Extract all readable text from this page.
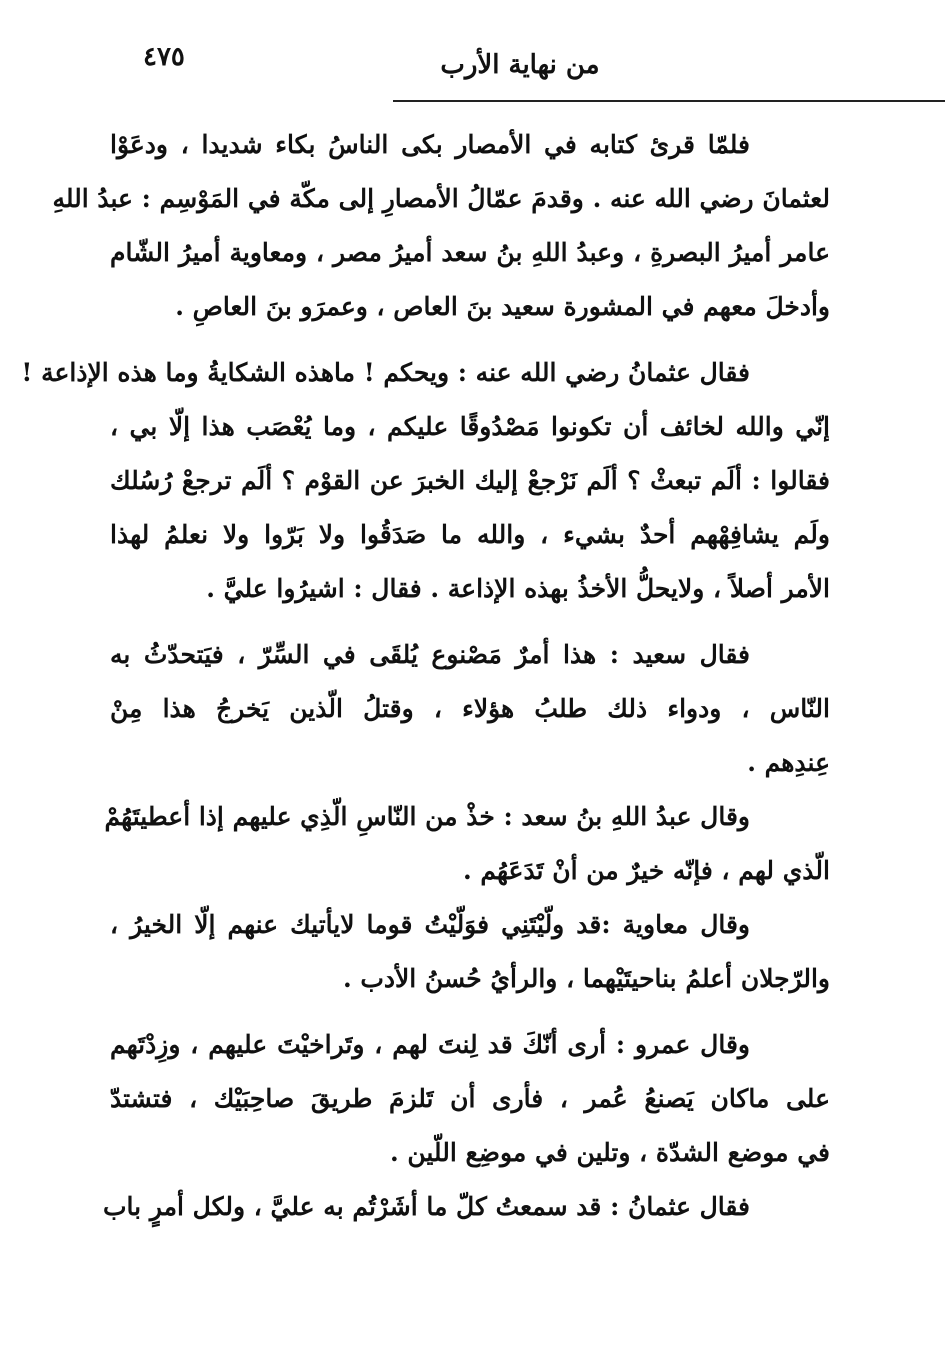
٤٧٥	من نهاية الأرب
فلمّا قرئ كتابه في الأمصار بكى الناسُ بكاء شديدا ، ودعَوْا
لعثمانَ رضي الله عنه . وقدمَ عمّالُ الأمصارِ إلى مكّة في المَوْسِم : عبدُ اللهِ
عامر أميرُ البصرةِ ، وعبدُ اللهِ بنُ سعد أميرُ مصر ، ومعاوية أميرُ الشّام
وأدخلَ معهم في المشورة سعيد بنَ العاص ، وعمرَو بنَ العاصِ .
فقال عثمانُ رضي الله عنه : ويحكم ! ماهذه الشكايةُ وما هذه الإذاعة !
إنّي والله لخائف أن تكونوا مَصْدُوقًا عليكم ، وما يُعْصَب هذا إلّا بي ،
فقالوا : ألَم تبعثْ ؟ ألَم نَرْجعْ إليك الخبرَ عن القوْم ؟ ألَم ترجعْ رُسُلك
ولَم يشافِهْهم أحدٌ بشيء ، والله ما صَدَقُوا ولا بَرّوا ولا نعلمُ لهذا
الأمر أصلاً ، ولايحلُّ الأخذُ بهذه الإذاعة . فقال : اشيرُوا عليَّ .
فقال سعيد : هذا أمرٌ مَصْنوع يُلقَى في السِّرّ ، فيَتحدّثُ به
النّاس ، ودواء ذلك طلبُ هؤلاء ، وقتلُ الّذين يَخرجُ هذا مِنْ
عِندِهم .
وقال عبدُ اللهِ بنُ سعد : خذْ من النّاسِ الّذِي عليهم إذا أعطيتَهُمْ
الّذي لهم ، فإنّه خيرٌ من أنْ تَدَعَهُم .
وقال معاوية :قد ولّيْتَنِي فوَلّيْتُ قوما لايأتيك عنهم إلّا الخيرُ ،
والرّجلان أعلمُ بناحيتَيْهما ، والرأيُ حُسنُ الأدب .
وقال عمرو : أرى أنّكَ قد لِنتَ لهم ، وتَراخيْتَ عليهم ، وزِدْتَهم
على ماكان يَصنعُ عُمر ، فأرى أن تَلزمَ طريقَ صاحِبَيْك ، فتشتدّ
في موضع الشدّة ، وتلين في موضِع اللّين .
فقال عثمانُ : قد سمعتُ كلّ ما أشَرْتُم به عليَّ ، ولكل أمرٍ باب
